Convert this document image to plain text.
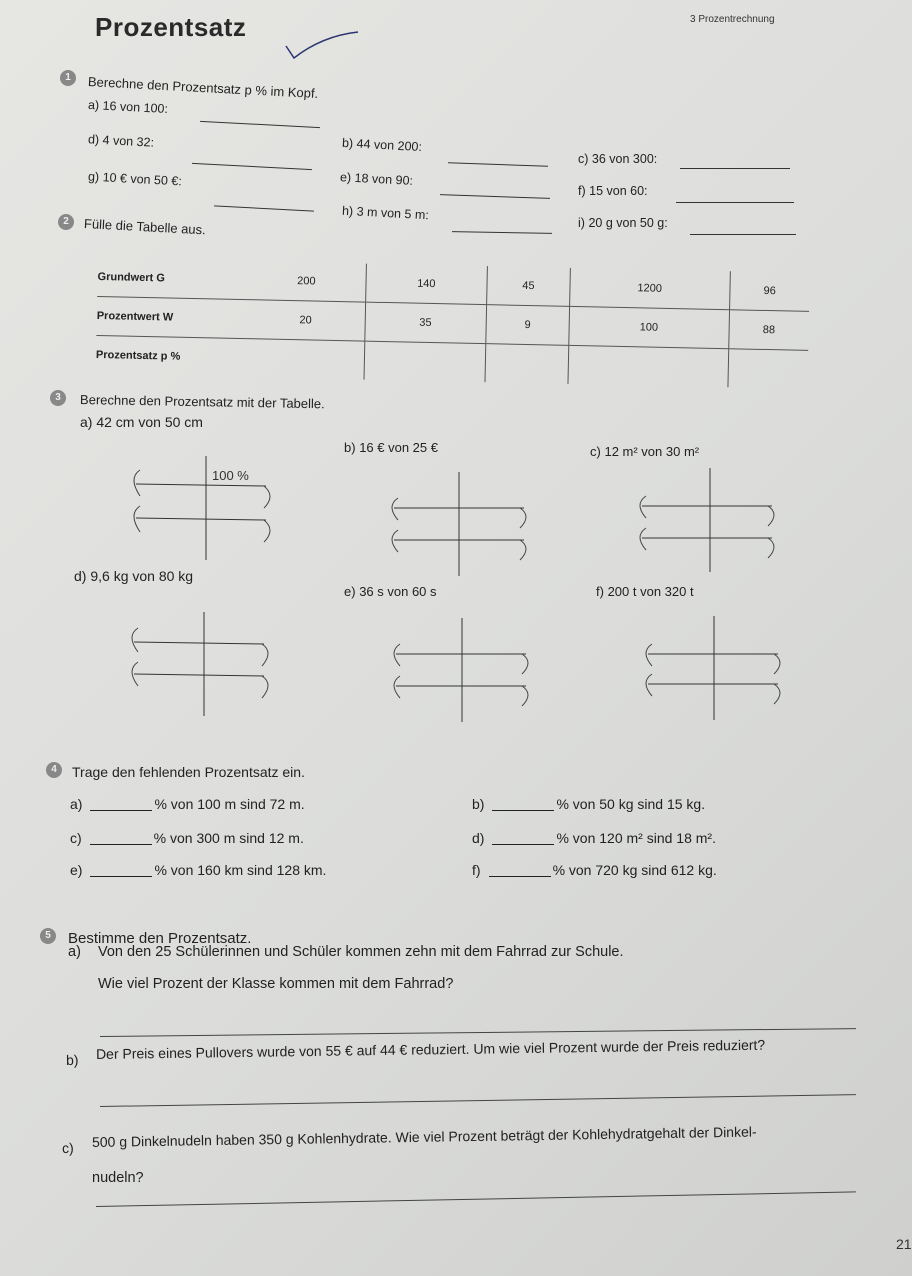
3 Prozentrechnung
Prozentsatz
1	Berechne den Prozentsatz p % im Kopf.
a) 16 von 100:
b) 44 von 200:
c) 36 von 300:
d) 4 von 32:
e) 18 von 90:
f) 15 von 60:
g) 10 € von 50 €:
h) 3 m von 5 m:
i) 20 g von 50 g:
2	Fülle die Tabelle aus.
Grundwert G	200	140	45	1200	96
Prozentwert W	20	35	9	100	88
Prozentsatz p %					
3	Berechne den Prozentsatz mit der Tabelle.
a) 42 cm von 50 cm
b) 16 € von 25 €	c) 12 m² von 30 m²
d) 9,6 kg von 80 kg
e) 36 s von 60 s	f) 200 t von 320 t
100 %
4	Trage den fehlenden Prozentsatz ein.
a)	% von 100 m sind 72 m.	b)	% von 50 kg sind 15 kg.
c)	% von 300 m sind 12 m.	d)	% von 120 m² sind 18 m².
e)	% von 160 km sind 128 km.	f)	% von 720 kg sind 612 kg.
5	Bestimme den Prozentsatz.
a) Von den 25 Schülerinnen und Schüler kommen zehn mit dem Fahrrad zur Schule.
Wie viel Prozent der Klasse kommen mit dem Fahrrad?
b) Der Preis eines Pullovers wurde von 55 € auf 44 € reduziert. Um wie viel Prozent wurde der Preis reduziert?
c) 500 g Dinkelnudeln haben 350 g Kohlenhydrate. Wie viel Prozent beträgt der Kohlehydratgehalt der Dinkel-
nudeln?
21
